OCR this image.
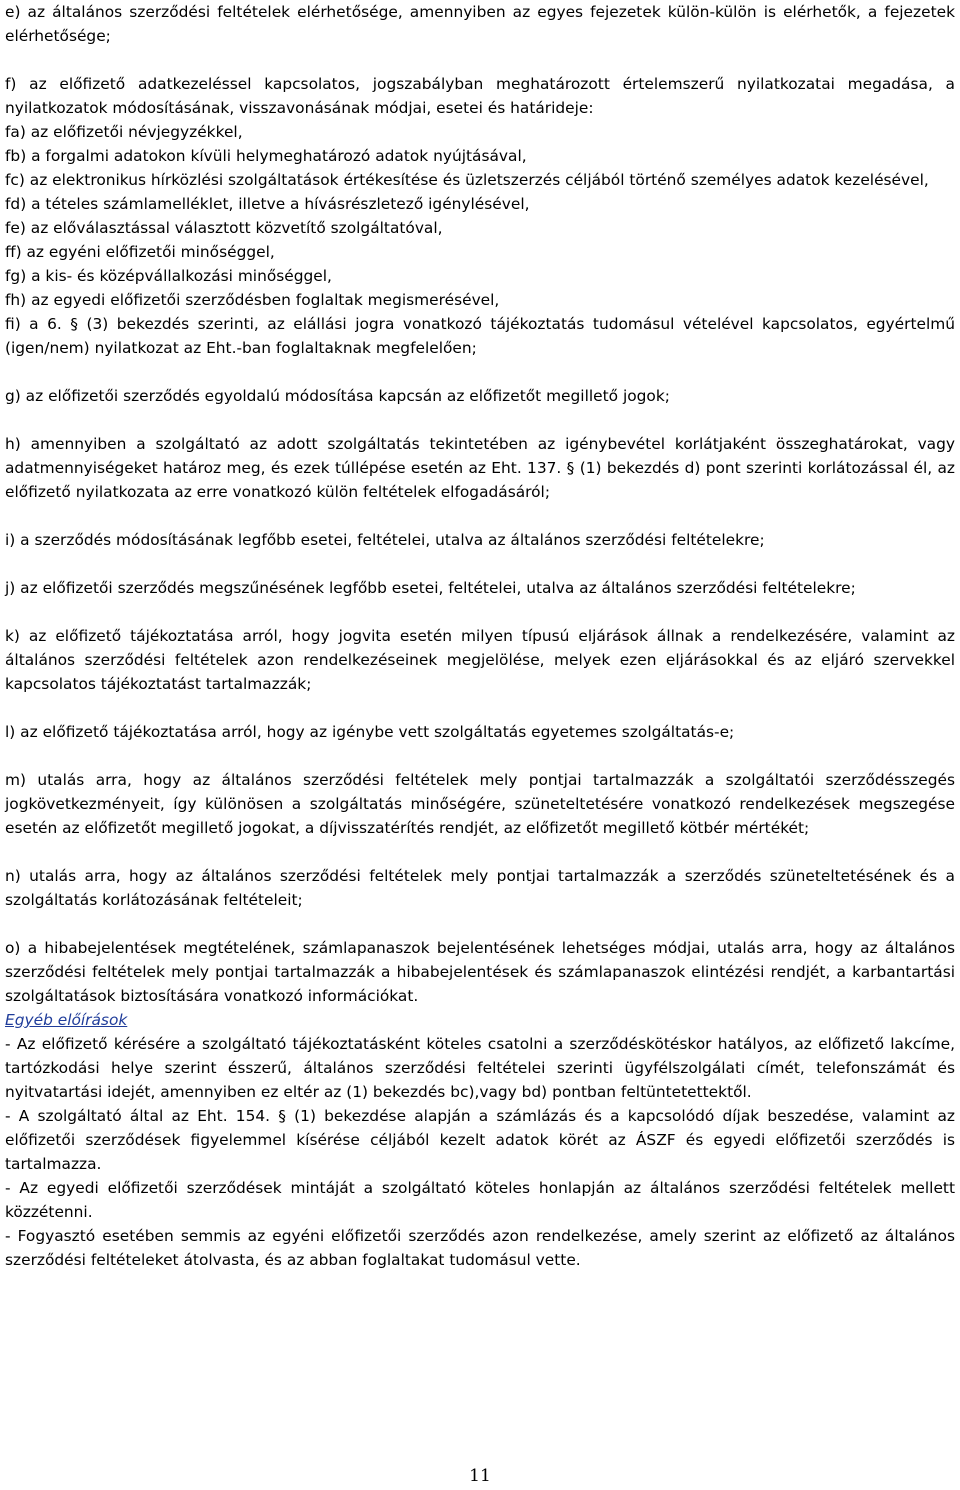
e) az általános szerződési feltételek elérhetősége, amennyiben az egyes fejezetek külön-külön is elérhetők, a fejezetek elérhetősége;

f) az előfizető adatkezeléssel kapcsolatos, jogszabályban meghatározott értelemszerű nyilatkozatai megadása, a nyilatkozatok módosításának, visszavonásának módjai, esetei és határideje:

fa) az előfizetői névjegyzékkel,

fb) a forgalmi adatokon kívüli helymeghatározó adatok nyújtásával,

fc) az elektronikus hírközlési szolgáltatások értékesítése és üzletszerzés céljából történő személyes adatok kezelésével,

fd) a tételes számlamelléklet, illetve a hívásrészletező igénylésével,

fe) az előválasztással választott közvetítő szolgáltatóval,

ff) az egyéni előfizetői minőséggel,

fg) a kis- és középvállalkozási minőséggel,

fh) az egyedi előfizetői szerződésben foglaltak megismerésével,

fi) a 6. § (3) bekezdés szerinti, az elállási jogra vonatkozó tájékoztatás tudomásul vételével kapcsolatos, egyértelmű (igen/nem) nyilatkozat az Eht.-ban foglaltaknak megfelelően;

g) az előfizetői szerződés egyoldalú módosítása kapcsán az előfizetőt megillető jogok;

h) amennyiben a szolgáltató az adott szolgáltatás tekintetében az igénybevétel korlátjaként összeghatárokat, vagy adatmennyiségeket határoz meg, és ezek túllépése esetén az Eht. 137. § (1) bekezdés d) pont szerinti korlátozással él, az előfizető nyilatkozata az erre vonatkozó külön feltételek elfogadásáról;

i) a szerződés módosításának legfőbb esetei, feltételei, utalva az általános szerződési feltételekre;

j) az előfizetői szerződés megszűnésének legfőbb esetei, feltételei, utalva az általános szerződési feltételekre;

k) az előfizető tájékoztatása arról, hogy jogvita esetén milyen típusú eljárások állnak a rendelkezésére, valamint az általános szerződési feltételek azon rendelkezéseinek megjelölése, melyek ezen eljárásokkal és az eljáró szervekkel kapcsolatos tájékoztatást tartalmazzák;

l) az előfizető tájékoztatása arról, hogy az igénybe vett szolgáltatás egyetemes szolgáltatás-e;

m) utalás arra, hogy az általános szerződési feltételek mely pontjai tartalmazzák a szolgáltatói szerződésszegés jogkövetkezményeit, így különösen a szolgáltatás minőségére, szüneteltetésére vonatkozó rendelkezések megszegése esetén az előfizetőt megillető jogokat, a díjvisszatérítés rendjét, az előfizetőt megillető kötbér mértékét;

n) utalás arra, hogy az általános szerződési feltételek mely pontjai tartalmazzák a szerződés szüneteltetésének és a szolgáltatás korlátozásának feltételeit;

o) a hibabejelentések megtételének, számlapanaszok bejelentésének lehetséges módjai, utalás arra, hogy az általános szerződési feltételek mely pontjai tartalmazzák a hibabejelentések és számlapanaszok elintézési rendjét, a karbantartási szolgáltatások biztosítására vonatkozó információkat.

Egyéb előírások

- Az előfizető kérésére a szolgáltató tájékoztatásként köteles csatolni a szerződéskötéskor hatályos, az előfizető lakcíme, tartózkodási helye szerint ésszerű, általános szerződési feltételei szerinti ügyfélszolgálati címét, telefonszámát és nyitvatartási idejét, amennyiben ez eltér az (1) bekezdés bc),vagy bd) pontban feltüntetettektől.

- A szolgáltató által az Eht. 154. § (1) bekezdése alapján a számlázás és a kapcsolódó díjak beszedése, valamint az előfizetői szerződések figyelemmel kísérése céljából kezelt adatok körét az ÁSZF és egyedi előfizetői szerződés is tartalmazza.

- Az egyedi előfizetői szerződések mintáját a szolgáltató köteles honlapján az általános szerződési feltételek mellett közzétenni.

- Fogyasztó esetében semmis az egyéni előfizetői szerződés azon rendelkezése, amely szerint az előfizető az általános szerződési feltételeket átolvasta, és az abban foglaltakat tudomásul vette.

11
